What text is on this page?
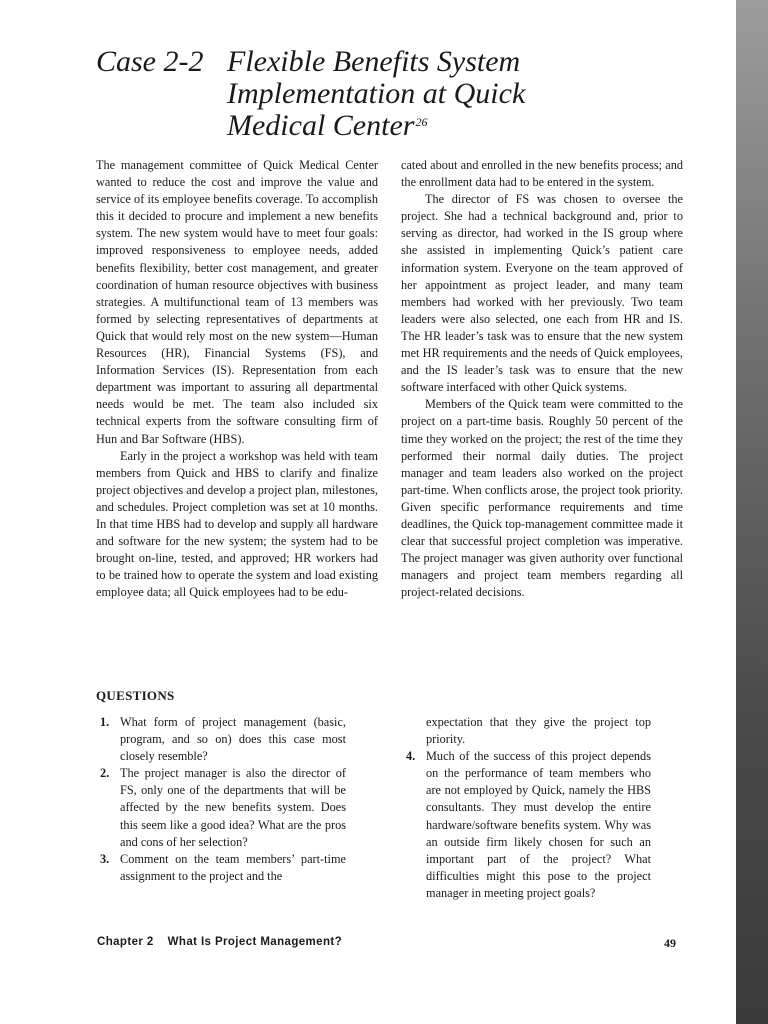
Case 2-2 Flexible Benefits System
Implementation at Quick
Medical Center$^{26}$

The management committee of Quick Medical Center wanted to reduce the cost and improve the value and service of its employee benefits coverage. To accomplish this it decided to procure and implement a new benefits system. The new system would have to meet four goals: improved responsiveness to employee needs, added benefits flexibility, better cost management, and greater coordination of human resource objectives with business strategies. A multifunctional team of 13 members was formed by selecting representatives of departments at Quick that would rely most on the new system—Human Resources (HR), Financial Systems (FS), and Information Services (IS). Representation from each department was important to assuring all departmental needs would be met. The team also included six technical experts from the software consulting firm of Hun and Bar Software (HBS).

Early in the project a workshop was held with team members from Quick and HBS to clarify and finalize project objectives and develop a project plan, milestones, and schedules. Project completion was set at 10 months. In that time HBS had to develop and supply all hardware and software for the new system; the system had to be brought on-line, tested, and approved; HR workers had to be trained how to operate the system and load existing employee data; all Quick employees had to be edu-

cated about and enrolled in the new benefits process; and the enrollment data had to be entered in the system.

The director of FS was chosen to oversee the project. She had a technical background and, prior to serving as director, had worked in the IS group where she assisted in implementing Quick’s patient care information system. Everyone on the team approved of her appointment as project leader, and many team members had worked with her previously. Two team leaders were also selected, one each from HR and IS. The HR leader’s task was to ensure that the new system met HR requirements and the needs of Quick employees, and the IS leader’s task was to ensure that the new software interfaced with other Quick systems.

Members of the Quick team were committed to the project on a part-time basis. Roughly 50 percent of the time they worked on the project; the rest of the time they performed their normal daily duties. The project manager and team leaders also worked on the project part-time. When conflicts arose, the project took priority. Given specific performance requirements and time deadlines, the Quick top-management committee made it clear that successful project completion was imperative. The project manager was given authority over functional managers and project team members regarding all project-related decisions.

QUESTIONS
1. What form of project management (basic, program, and so on) does this case most closely resemble?
2. The project manager is also the director of FS, only one of the departments that will be affected by the new benefits system. Does this seem like a good idea? What are the pros and cons of her selection?
3. Comment on the team members’ part-time assignment to the project and the
expectation that they give the project top priority.
4. Much of the success of this project depends on the performance of team members who are not employed by Quick, namely the HBS consultants. They must develop the entire hardware/software benefits system. Why was an outside firm likely chosen for such an important part of the project? What difficulties might this pose to the project manager in meeting project goals?
Chapter 2 What Is Project Management?	49
